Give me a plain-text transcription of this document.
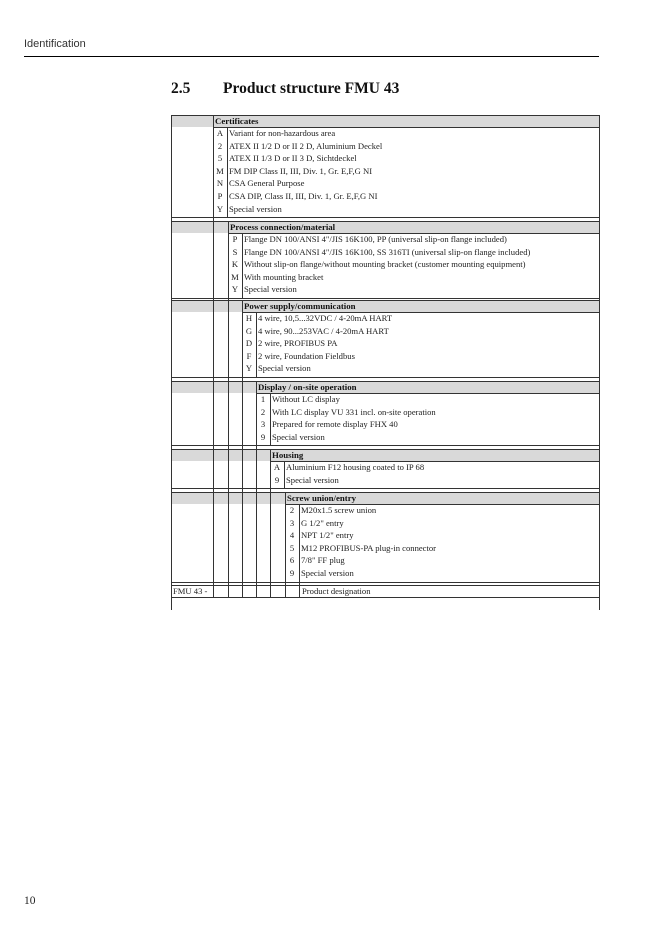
Identification
2.5 Product structure FMU 43
Certificates
A Variant for non-hazardous area
2 ATEX II 1/2 D or II 2 D, Aluminium Deckel
5 ATEX II 1/3 D or II 3 D, Sichtdeckel
M FM DIP Class II, III, Div. 1, Gr. E,F,G NI
N CSA General Purpose
P CSA DIP, Class II, III, Div. 1, Gr. E,F,G NI
Y Special version
Process connection/material
P Flange DN 100/ANSI 4"/JIS 16K100, PP (universal slip-on flange included)
S Flange DN 100/ANSI 4"/JIS 16K100, SS 316TI (universal slip-on flange included)
K Without slip-on flange/without mounting bracket (customer mounting equipment)
M With mounting bracket
Y Special version
Power supply/communication
H 4 wire, 10,5...32VDC / 4-20mA HART
G 4 wire, 90...253VAC / 4-20mA HART
D 2 wire, PROFIBUS PA
F 2 wire, Foundation Fieldbus
Y Special version
Display / on-site operation
1 Without LC display
2 With LC display VU 331 incl. on-site operation
3 Prepared for remote display FHX 40
9 Special version
Housing
A Aluminium F12 housing coated to IP 68
9 Special version
Screw union/entry
2 M20x1.5 screw union
3 G 1/2" entry
4 NPT 1/2" entry
5 M12 PROFIBUS-PA plug-in connector
6 7/8" FF plug
9 Special version
FMU 43 -	Product designation
10
